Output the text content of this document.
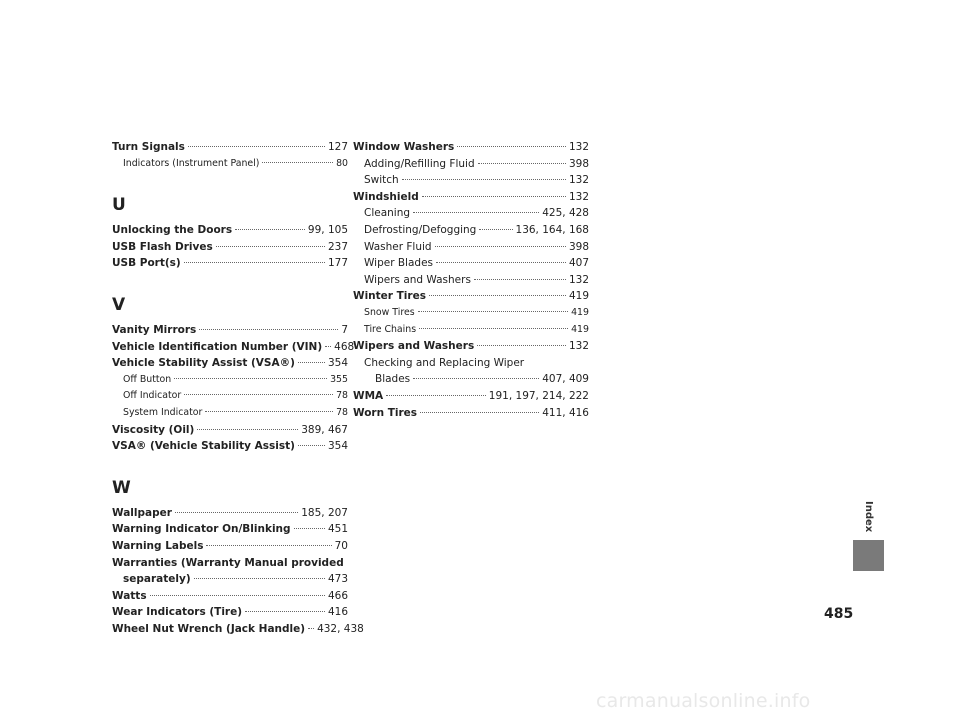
Turn Signals	127
Indicators (Instrument Panel)	80
U
Unlocking the Doors	99, 105
USB Flash Drives	237
USB Port(s)	177
V
Vanity Mirrors	7
Vehicle Identification Number (VIN) 468
Vehicle Stability Assist (VSA®)	354
Off Button	355
Off Indicator	78
System Indicator	78
Viscosity (Oil)	389, 467
VSA® (Vehicle Stability Assist)	354
W
Wallpaper	185, 207
Warning Indicator On/Blinking	451
Warning Labels	70
Warranties (Warranty Manual provided
separately)	473
Watts	466
Wear Indicators (Tire)	416
Wheel Nut Wrench (Jack Handle) 432, 438
Window Washers	132
Adding/Refilling Fluid	398
Switch	132
Windshield	132
Cleaning	425, 428
Defrosting/Defogging	136, 164, 168
Washer Fluid	398
Wiper Blades	407
Wipers and Washers	132
Winter Tires	419
Snow Tires	419
Tire Chains	419
Wipers and Washers	132
Checking and Replacing Wiper
Blades	407, 409
WMA	191, 197, 214, 222
Worn Tires	411, 416
Index
485
carmanualsonline.info
